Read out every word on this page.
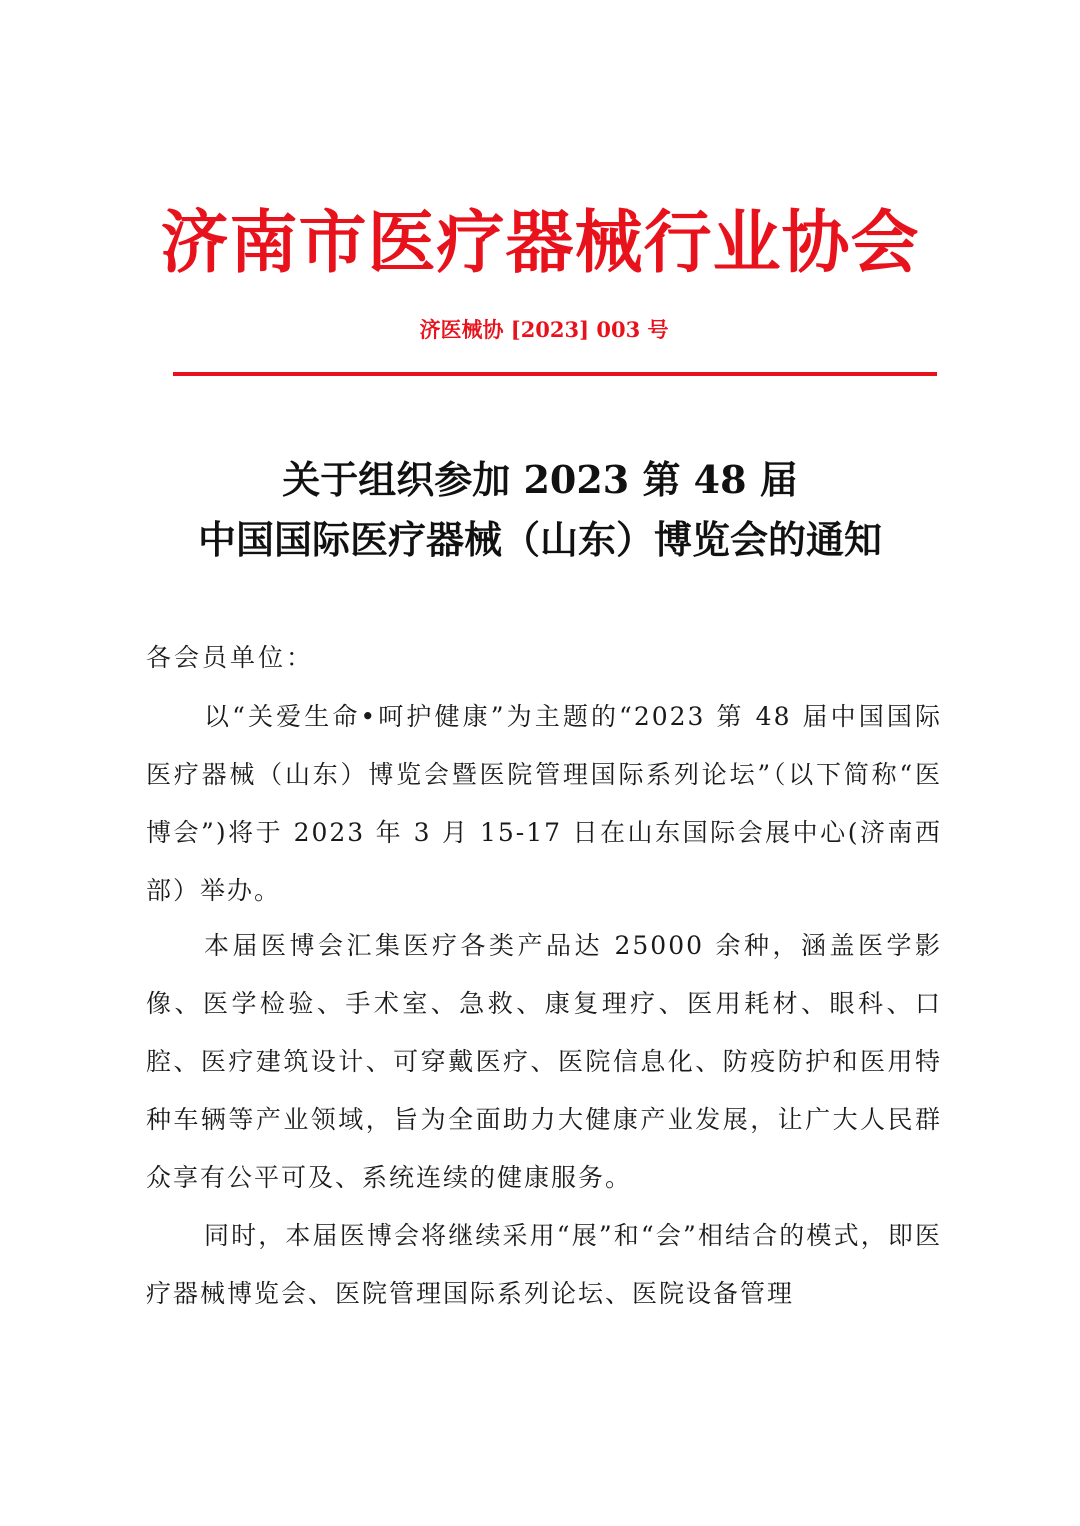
济南市医疗器械行业协会
济医械协 [2023] 003 号
关于组织参加 2023 第 48 届
中国国际医疗器械（山东）博览会的通知
各会员单位：

以“关爱生命•呵护健康”为主题的“2023 第 48 届中国国际医疗器械（山东）博览会暨医院管理国际系列论坛”（以下简称“医博会”)将于 2023 年 3 月 15-17 日在山东国际会展中心(济南西部）举办。

本届医博会汇集医疗各类产品达 25000 余种，涵盖医学影像、医学检验、手术室、急救、康复理疗、医用耗材、眼科、口腔、医疗建筑设计、可穿戴医疗、医院信息化、防疫防护和医用特种车辆等产业领域，旨为全面助力大健康产业发展，让广大人民群众享有公平可及、系统连续的健康服务。

同时，本届医博会将继续采用“展”和“会”相结合的模式，即医疗器械博览会、医院管理国际系列论坛、医院设备管理
